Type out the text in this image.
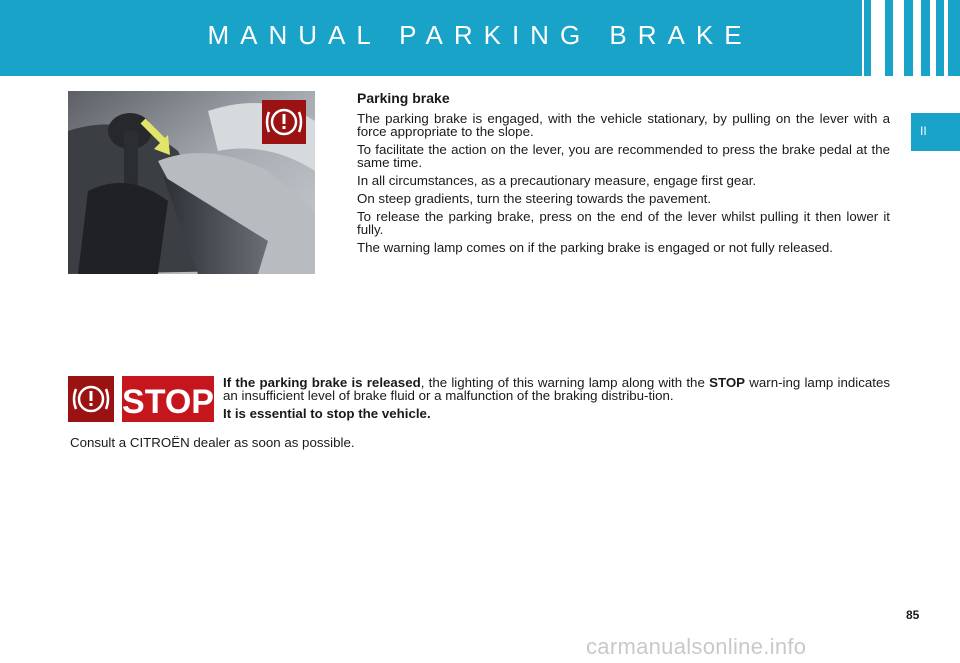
MANUAL PARKING BRAKE
II
Parking brake

The parking brake is engaged, with the vehicle stationary, by pulling on the lever with a force appropriate to the slope.

To facilitate the action on the lever, you are recommended to press the brake pedal at the same time.

In all circumstances, as a precautionary measure, engage first gear.

On steep gradients, turn the steering towards the pavement.

To release the parking brake, press on the end of the lever whilst pulling it then lower it fully.

The warning lamp comes on if the parking brake is engaged or not fully released.

STOP

If the parking brake is released, the lighting of this warning lamp along with the STOP warn-ing lamp indicates an insufficient level of brake fluid or a malfunction of the braking distribu-tion.

It is essential to stop the vehicle.

Consult a CITROËN dealer as soon as possible.
85
carmanualsonline.info
